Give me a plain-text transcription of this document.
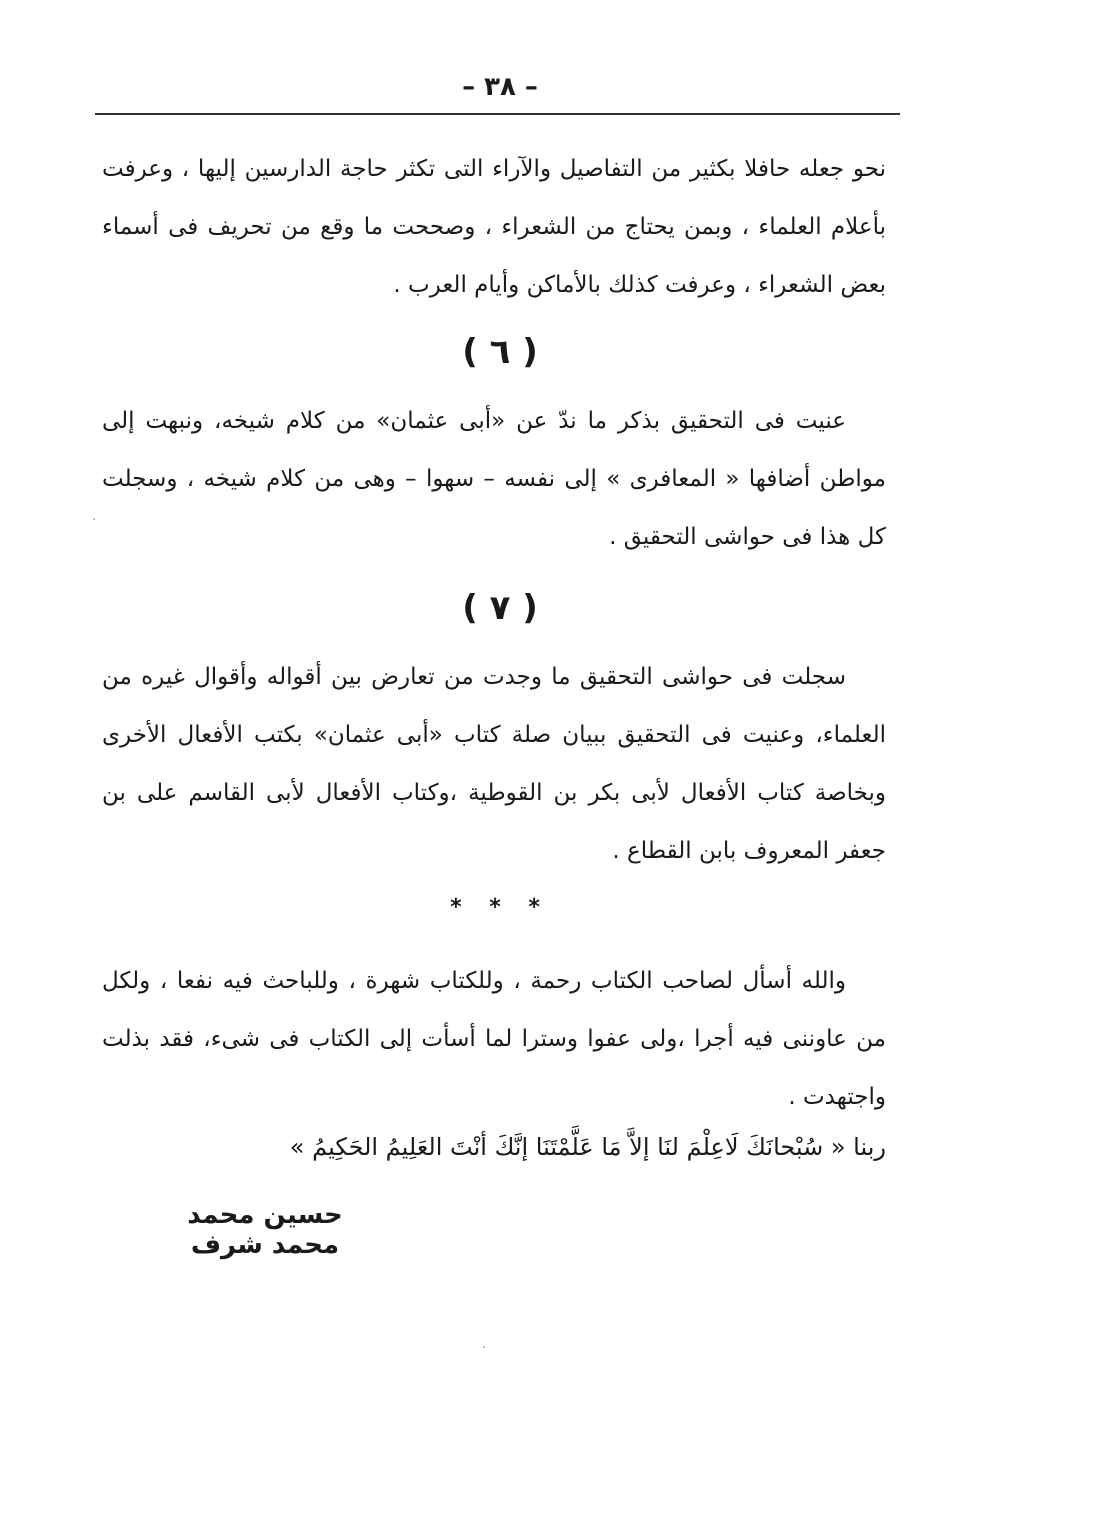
– ٣٨ –

نحو جعله حافلا بكثير من التفاصيل والآراء التى تكثر حاجة الدارسين إليها ، وعرفت بأعلام العلماء ، وبمن يحتاج من الشعراء ، وصححت ما وقع من تحريف فى أسماء بعض الشعراء ، وعرفت كذلك بالأماكن وأيام العرب .

( ٦ )

عنيت فى التحقيق بذكر ما ندّ عن «أبى عثمان» من كلام شيخه، ونبهت إلى مواطن أضافها « المعافرى » إلى نفسه – سهوا – وهى من كلام شيخه ، وسجلت كل هذا فى حواشى التحقيق .

( ٧ )

سجلت فى حواشى التحقيق ما وجدت من تعارض بين أقواله وأقوال غيره من العلماء، وعنيت فى التحقيق ببيان صلة كتاب «أبى عثمان» بكتب الأفعال الأخرى وبخاصة كتاب الأفعال لأبى بكر بن القوطية ،وكتاب الأفعال لأبى القاسم على بن جعفر المعروف بابن القطاع .

* * *

والله أسأل لصاحب الكتاب رحمة ، وللكتاب شهرة ، وللباحث فيه نفعا ، ولكل من عاوننى فيه أجرا ،ولى عفوا وسترا لما أسأت إلى الكتاب فى شىء، فقد بذلت واجتهدت .

ربنا « سُبْحانَكَ لَاعِلْمَ لنَا إلاَّ مَا عَلَّمْتَنَا إنَّكَ أنْتَ العَلِيمُ الحَكِيمُ »
حسين محمد محمد شرف
·
·
